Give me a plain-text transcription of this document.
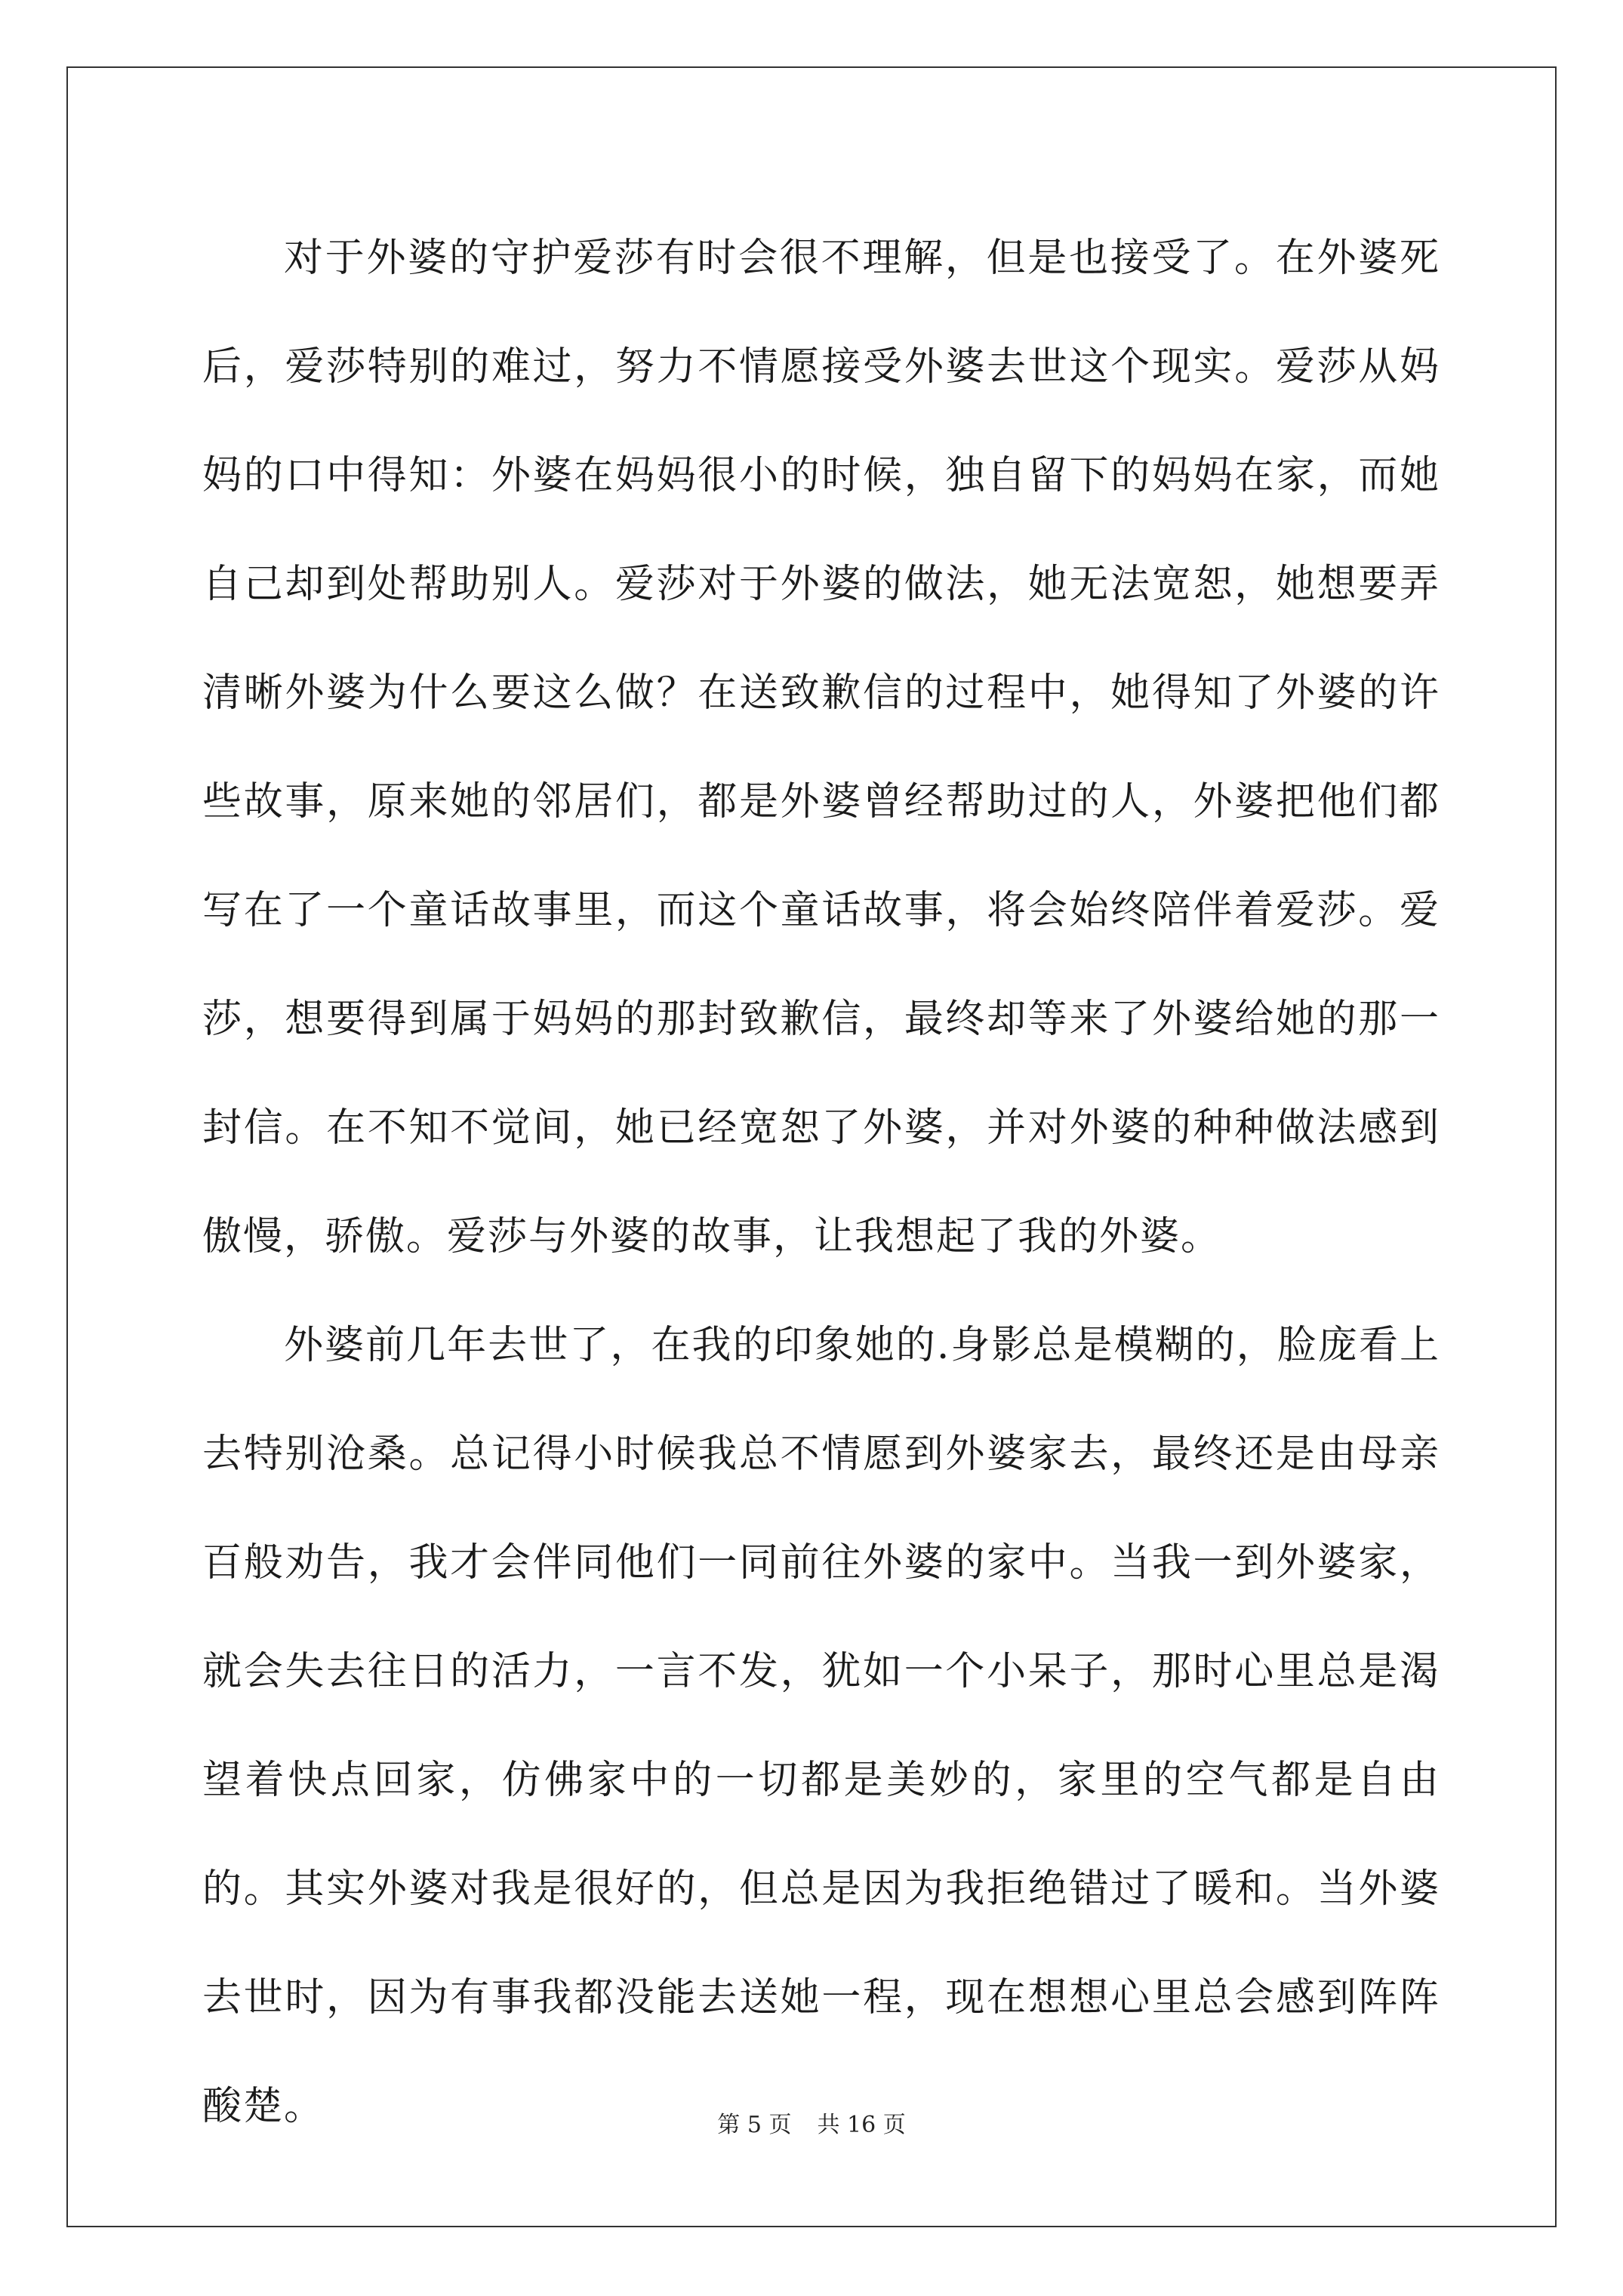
对于外婆的守护爱莎有时会很不理解，但是也接受了。在外婆死后，爱莎特别的难过，努力不情愿接受外婆去世这个现实。爱莎从妈妈的口中得知：外婆在妈妈很小的时候，独自留下的妈妈在家，而她自己却到处帮助别人。爱莎对于外婆的做法，她无法宽恕，她想要弄清晰外婆为什么要这么做？在送致歉信的过程中，她得知了外婆的许些故事，原来她的邻居们，都是外婆曾经帮助过的人，外婆把他们都写在了一个童话故事里，而这个童话故事，将会始终陪伴着爱莎。爱莎，想要得到属于妈妈的那封致歉信，最终却等来了外婆给她的那一封信。在不知不觉间，她已经宽恕了外婆，并对外婆的种种做法感到傲慢，骄傲。爱莎与外婆的故事，让我想起了我的外婆。

外婆前几年去世了，在我的印象她的.身影总是模糊的，脸庞看上去特别沧桑。总记得小时候我总不情愿到外婆家去，最终还是由母亲百般劝告，我才会伴同他们一同前往外婆的家中。当我一到外婆家，就会失去往日的活力，一言不发，犹如一个小呆子，那时心里总是渴望着快点回家，仿佛家中的一切都是美妙的，家里的空气都是自由的。其实外婆对我是很好的，但总是因为我拒绝错过了暖和。当外婆去世时，因为有事我都没能去送她一程，现在想想心里总会感到阵阵酸楚。	第 5 页 共 16 页
